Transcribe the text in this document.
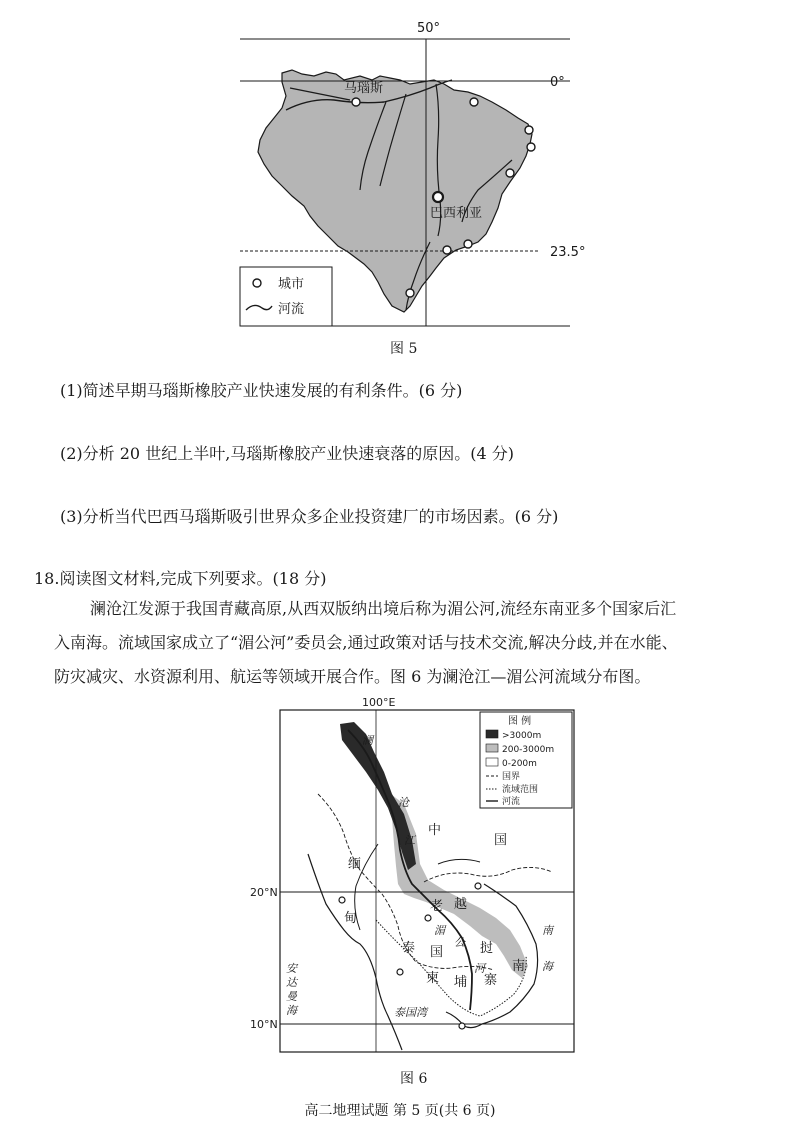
50°
0°
23.5°
马瑙斯
巴西利亚
城市
河流
图 5
(1)简述早期马瑙斯橡胶产业快速发展的有利条件。(6 分)
(2)分析 20 世纪上半叶,马瑙斯橡胶产业快速衰落的原因。(4 分)
(3)分析当代巴西马瑙斯吸引世界众多企业投资建厂的市场因素。(6 分)
18.阅读图文材料,完成下列要求。(18 分)
澜沧江发源于我国青藏高原,从西双版纳出境后称为湄公河,流经东南亚多个国家后汇
入南海。流域国家成立了“湄公河”委员会,通过政策对话与技术交流,解决分歧,并在水能、
防灾减灾、水资源利用、航运等领域开展合作。图 6 为澜沧江—湄公河流域分布图。
100°E
20°N
10°N
澜
沧
江
中
国
缅
甸
老
挝
越
南
湄
公
河
泰 国
柬 埔 寨
安
达
曼
海
南
海
泰国湾
图 例
>3000m
200-3000m
0-200m
国界
流域范围
河流
图 6
高二地理试题 第 5 页(共 6 页)
